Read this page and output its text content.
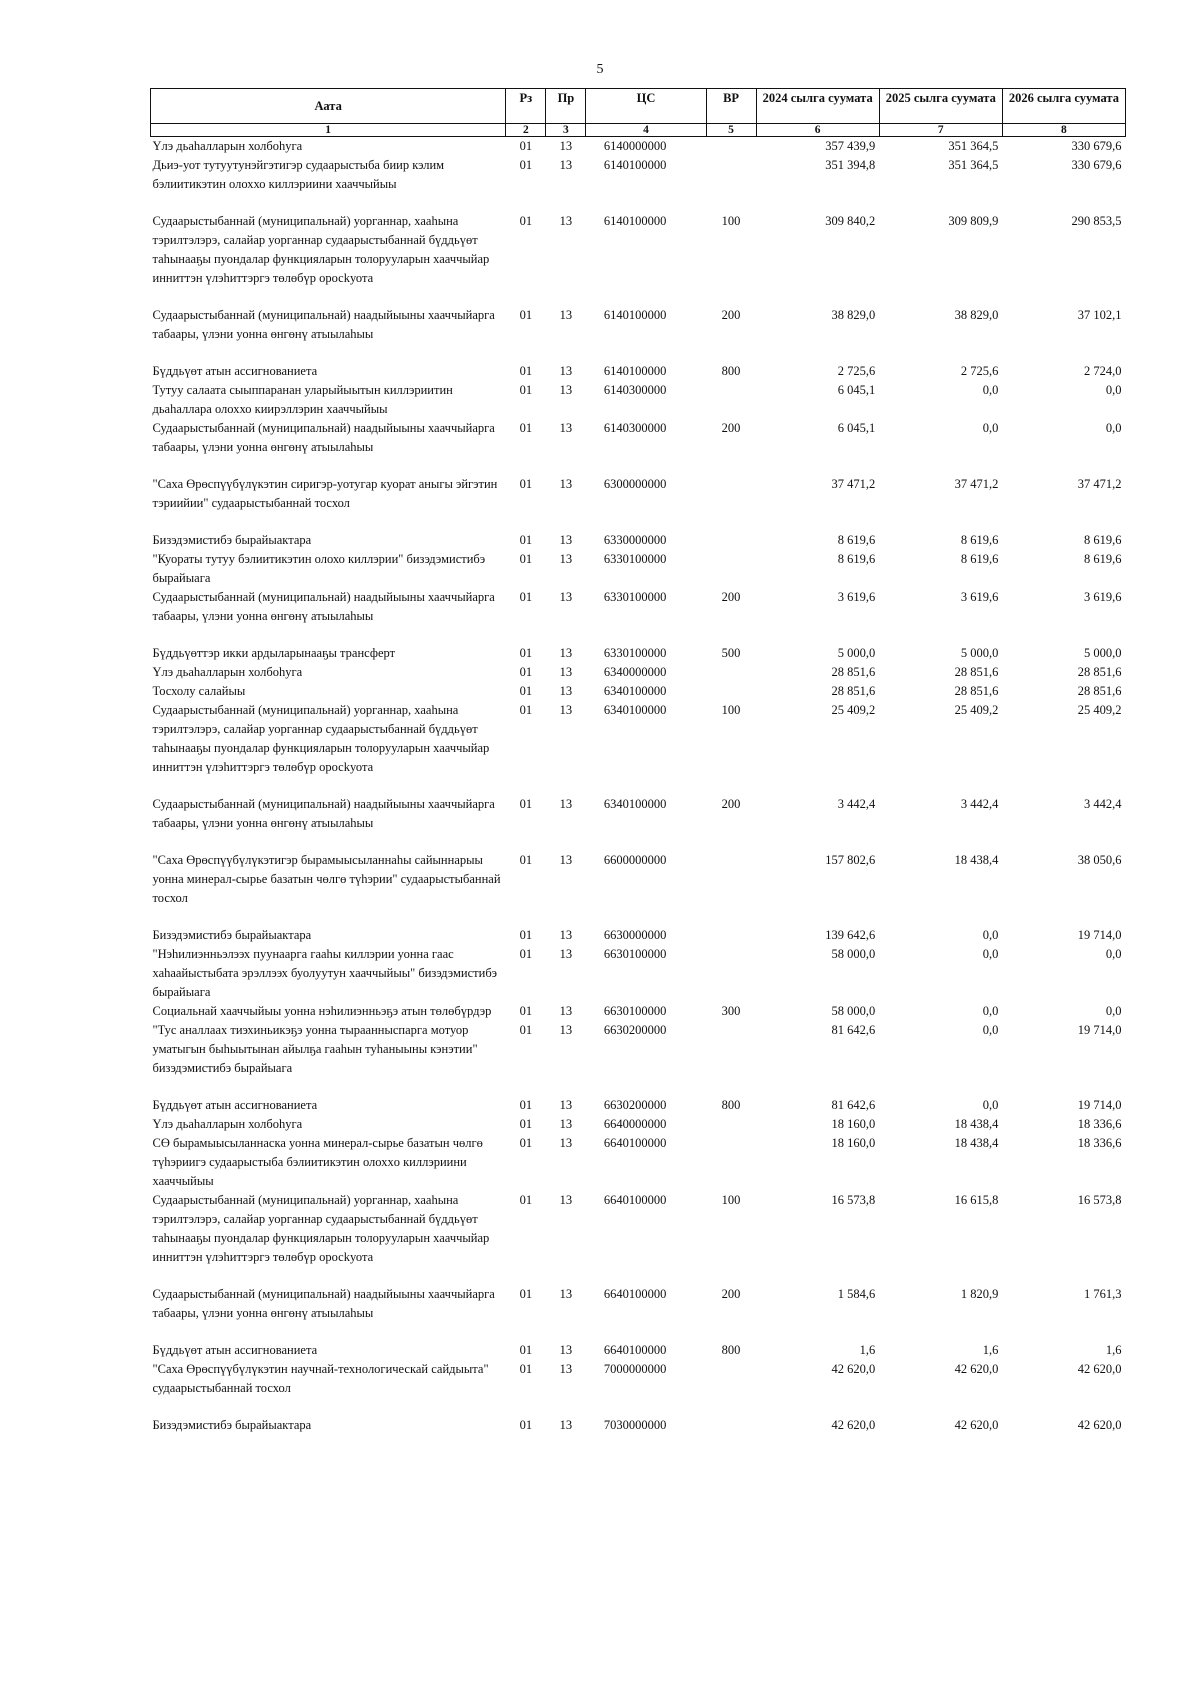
5
Аата	Рз	Пр	ЦС	ВР	2024 сылга суумата	2025 сылга суумата	2026 сылга суумата
1	2	3	4	5	6	7	8
Үлэ дьаһалларын холбоһуга	01	13	6140000000		357 439,9	351 364,5	330 679,6
Дьиэ-уот тутуутунэйгэтигэр судаарыстыба биир кэлим бэлиитикэтин олоххо киллэриини хааччыйыы	01	13	6140100000		351 394,8	351 364,5	330 679,6
Судаарыстыбаннай (муниципальнай) уорганнар, хааһына тэрилтэлэрэ, салайар уорганнар судаарыстыбаннай бүддьүөт таһынааҕы пуондалар функцияларын толорууларын хааччыйар инниттэн үлэһиттэргэ төлөбүр оросkуота	01	13	6140100000	100	309 840,2	309 809,9	290 853,5
Судаарыстыбаннай (муниципальнай) наадыйыыны хааччыйарга табаары, үлэни уонна өнгөнү атыылаһыы	01	13	6140100000	200	38 829,0	38 829,0	37 102,1
Бүддьүөт атын ассигнованиета	01	13	6140100000	800	2 725,6	2 725,6	2 724,0
Тутуу салаата сыыппаранан уларыйыытын киллэриитин дьаһаллара олоххо киирэллэрин хааччыйыы	01	13	6140300000		6 045,1	0,0	0,0
Судаарыстыбаннай (муниципальнай) наадыйыыны хааччыйарга табаары, үлэни уонна өнгөнү атыылаһыы	01	13	6140300000	200	6 045,1	0,0	0,0
"Саха Өрөспүүбүлүкэтин сиригэр-уотугар куорат аныгы эйгэтин тэриийии" судаарыстыбаннай тосхол	01	13	6300000000		37 471,2	37 471,2	37 471,2
Бизэдэмистибэ бырайыактара	01	13	6330000000		8 619,6	8 619,6	8 619,6
"Куораты тутуу бэлиитикэтин олохо киллэрии" бизэдэмистибэ бырайыага	01	13	6330100000		8 619,6	8 619,6	8 619,6
Судаарыстыбаннай (муниципальнай) наадыйыыны хааччыйарга табаары, үлэни уонна өнгөнү атыылаһыы	01	13	6330100000	200	3 619,6	3 619,6	3 619,6
Бүддьүөттэр икки ардыларынааҕы трансферт	01	13	6330100000	500	5 000,0	5 000,0	5 000,0
Үлэ дьаһалларын холбоһуга	01	13	6340000000		28 851,6	28 851,6	28 851,6
Тосхолу салайыы	01	13	6340100000		28 851,6	28 851,6	28 851,6
Судаарыстыбаннай (муниципальнай) уорганнар, хааһына тэрилтэлэрэ, салайар уорганнар судаарыстыбаннай бүддьүөт таһынааҕы пуондалар функцияларын толорууларын хааччыйар инниттэн үлэһиттэргэ төлөбүр оросkуота	01	13	6340100000	100	25 409,2	25 409,2	25 409,2
Судаарыстыбаннай (муниципальнай) наадыйыыны хааччыйарга табаары, үлэни уонна өнгөнү атыылаһыы	01	13	6340100000	200	3 442,4	3 442,4	3 442,4
"Саха Өрөспүүбүлүкэтигэр бырамыысыланнаһы сайыннарыы уонна минерал-сырье базатын чөлгө түһэрии" судаарыстыбаннай тосхол	01	13	6600000000		157 802,6	18 438,4	38 050,6
Бизэдэмистибэ бырайыактара	01	13	6630000000		139 642,6	0,0	19 714,0
"Нэһилиэнньэлээх пуунаарга гааһы киллэрии уонна гаас хаһаайыстыбата эрэллээх буолуутун хааччыйыы" бизэдэмистибэ бырайыага	01	13	6630100000		58 000,0	0,0	0,0
Социальнай хааччыйыы уонна нэһилиэнньэҕэ атын төлөбүрдэр	01	13	6630100000	300	58 000,0	0,0	0,0
"Тус аналлаах тиэхиньикэҕэ уонна тыраанныспарга мотуор уматыгын быһыытынан айылҕа гааһын туһаныыны кэнэтии" бизэдэмистибэ бырайыага	01	13	6630200000		81 642,6	0,0	19 714,0
Бүддьүөт атын ассигнованиета	01	13	6630200000	800	81 642,6	0,0	19 714,0
Үлэ дьаһалларын холбоһуга	01	13	6640000000		18 160,0	18 438,4	18 336,6
СӨ бырамыысыланнаска уонна минерал-сырье базатын чөлгө түһэриигэ судаарыстыба бэлиитикэтин олохxо киллэриини хааччыйыы	01	13	6640100000		18 160,0	18 438,4	18 336,6
Судаарыстыбаннай (муниципальнай) уорганнар, хааһына тэрилтэлэрэ, салайар уорганнар судаарыстыбаннай бүддьүөт таһынааҕы пуондалар функцияларын толорууларын хааччыйар инниттэн үлэһиттэргэ төлөбүр оросkуота	01	13	6640100000	100	16 573,8	16 615,8	16 573,8
Судаарыстыбаннай (муниципальнай) наадыйыыны хааччыйарга табаары, үлэни уонна өнгөнү атыылаһыы	01	13	6640100000	200	1 584,6	1 820,9	1 761,3
Бүддьүөт атын ассигнованиета	01	13	6640100000	800	1,6	1,6	1,6
"Саха Өрөспүүбүлүкэтин научнай-технологическай сайдыыта" судаарыстыбаннай тосхол	01	13	7000000000		42 620,0	42 620,0	42 620,0
Бизэдэмистибэ бырайыактара	01	13	7030000000		42 620,0	42 620,0	42 620,0
